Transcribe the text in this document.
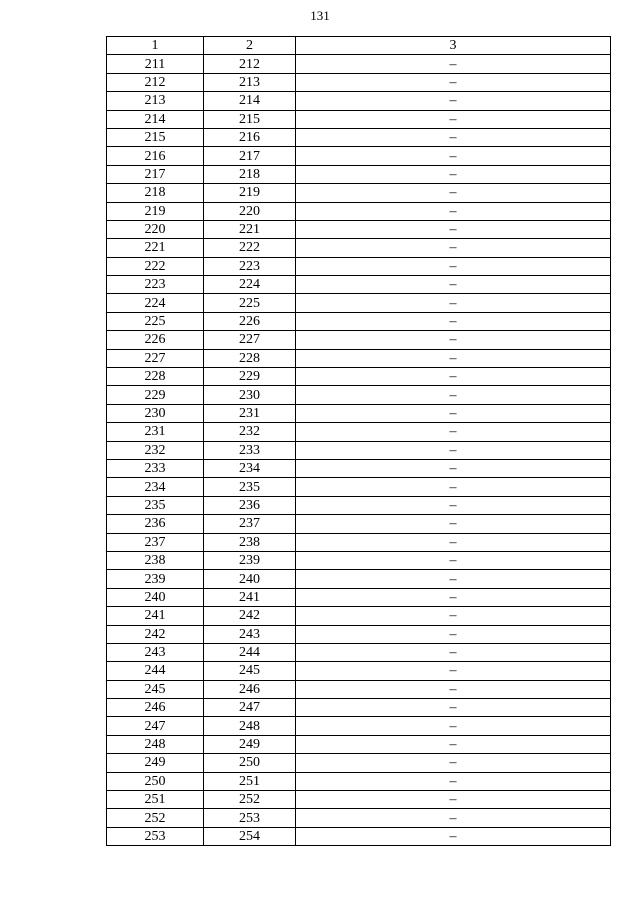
131
1	2	3
211	212	–
212	213	–
213	214	–
214	215	–
215	216	–
216	217	–
217	218	–
218	219	–
219	220	–
220	221	–
221	222	–
222	223	–
223	224	–
224	225	–
225	226	–
226	227	–
227	228	–
228	229	–
229	230	–
230	231	–
231	232	–
232	233	–
233	234	–
234	235	–
235	236	–
236	237	–
237	238	–
238	239	–
239	240	–
240	241	–
241	242	–
242	243	–
243	244	–
244	245	–
245	246	–
246	247	–
247	248	–
248	249	–
249	250	–
250	251	–
251	252	–
252	253	–
253	254	–
